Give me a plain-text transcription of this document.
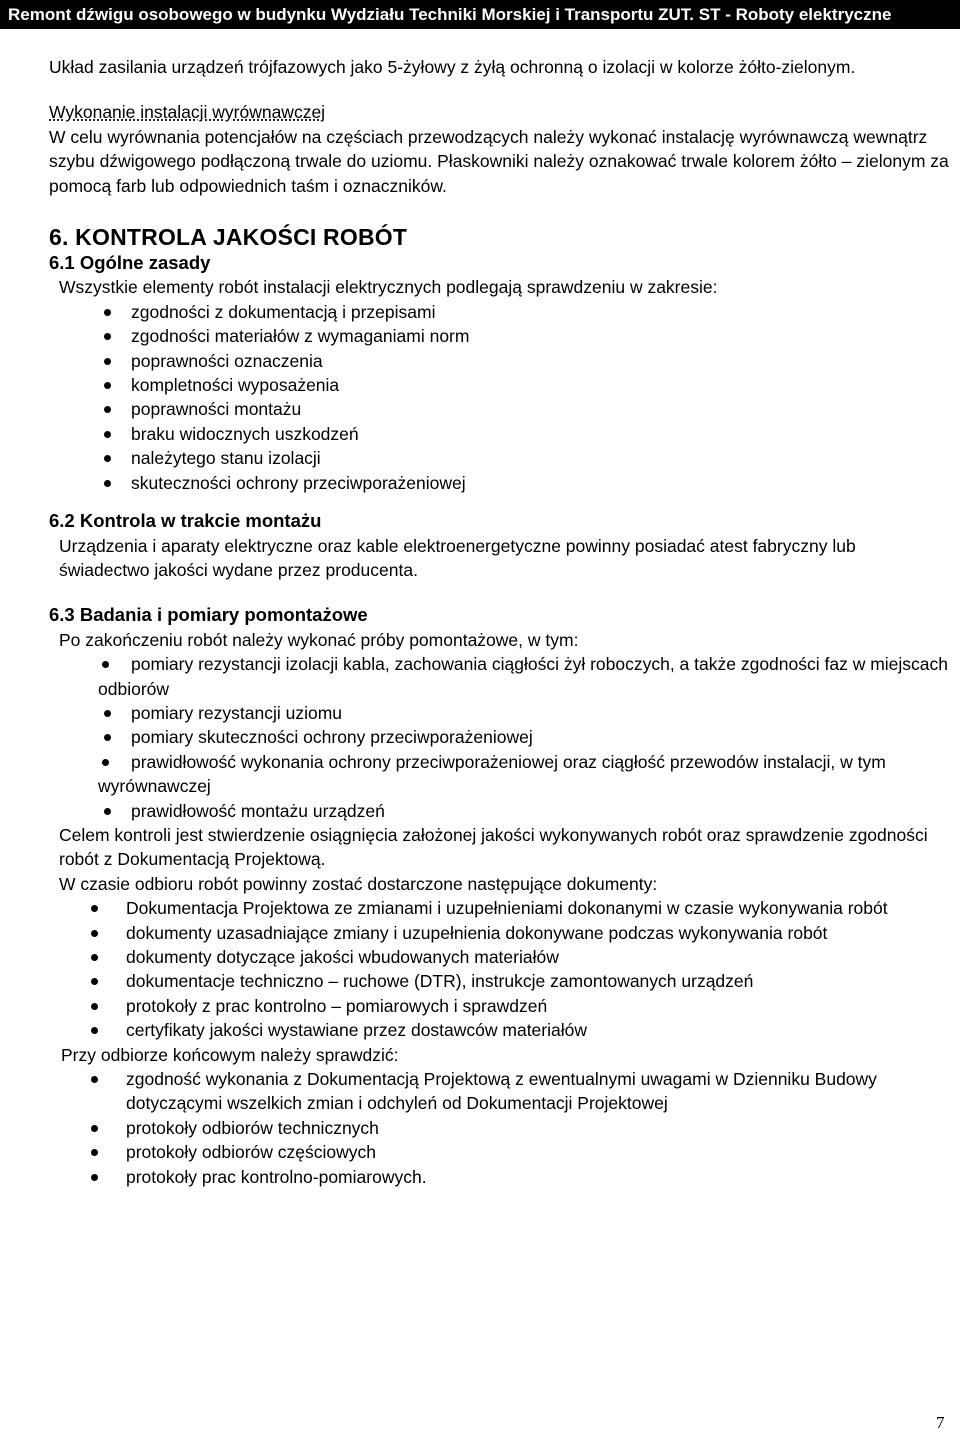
Remont dźwigu osobowego w budynku Wydziału Techniki Morskiej i Transportu ZUT. ST - Roboty elektryczne

Układ zasilania urządzeń trójfazowych jako 5-żyłowy z żyłą ochronną o izolacji w kolorze żółto-zielonym.

Wykonanie instalacji wyrównawczej

W celu wyrównania potencjałów na częściach przewodzących należy wykonać instalację wyrównawczą wewnątrz szybu dźwigowego podłączoną trwale do uziomu. Płaskowniki należy oznakować trwale kolorem żółto – zielonym za pomocą farb lub odpowiednich taśm i oznaczników.

6. KONTROLA JAKOŚCI ROBÓT
6.1 Ogólne zasady

Wszystkie elementy robót instalacji elektrycznych podlegają sprawdzeniu w zakresie:

zgodności z dokumentacją i przepisami
zgodności materiałów z wymaganiami norm
poprawności oznaczenia
kompletności wyposażenia
poprawności montażu
braku widocznych uszkodzeń
należytego stanu izolacji
skuteczności ochrony przeciwporażeniowej
6.2 Kontrola w trakcie montażu

Urządzenia i aparaty elektryczne oraz kable elektroenergetyczne powinny posiadać atest fabryczny lub świadectwo jakości wydane przez producenta.

6.3 Badania i pomiary pomontażowe

Po zakończeniu robót należy wykonać próby pomontażowe, w tym:

pomiary rezystancji izolacji kabla, zachowania ciągłości żył roboczych, a także zgodności faz w miejscach odbiorów
pomiary rezystancji uziomu
pomiary skuteczności ochrony przeciwporażeniowej
prawidłowość wykonania ochrony przeciwporażeniowej oraz ciągłość przewodów instalacji, w tym wyrównawczej
prawidłowość montażu urządzeń

Celem kontroli jest stwierdzenie osiągnięcia założonej jakości wykonywanych robót oraz sprawdzenie zgodności robót z Dokumentacją Projektową.

W czasie odbioru robót powinny zostać dostarczone następujące dokumenty:

Dokumentacja Projektowa ze zmianami i uzupełnieniami dokonanymi w czasie wykonywania robót
dokumenty uzasadniające zmiany i uzupełnienia dokonywane podczas wykonywania robót
dokumenty dotyczące jakości wbudowanych materiałów
dokumentacje techniczno – ruchowe (DTR), instrukcje zamontowanych urządzeń
protokoły z prac kontrolno – pomiarowych i sprawdzeń
certyfikaty jakości wystawiane przez dostawców materiałów

Przy odbiorze końcowym należy sprawdzić:

zgodność wykonania z Dokumentacją Projektową z ewentualnymi uwagami w Dzienniku Budowy dotyczącymi wszelkich zmian i odchyleń od Dokumentacji Projektowej
protokoły odbiorów technicznych
protokoły odbiorów częściowych
protokoły prac kontrolno-pomiarowych.
7
